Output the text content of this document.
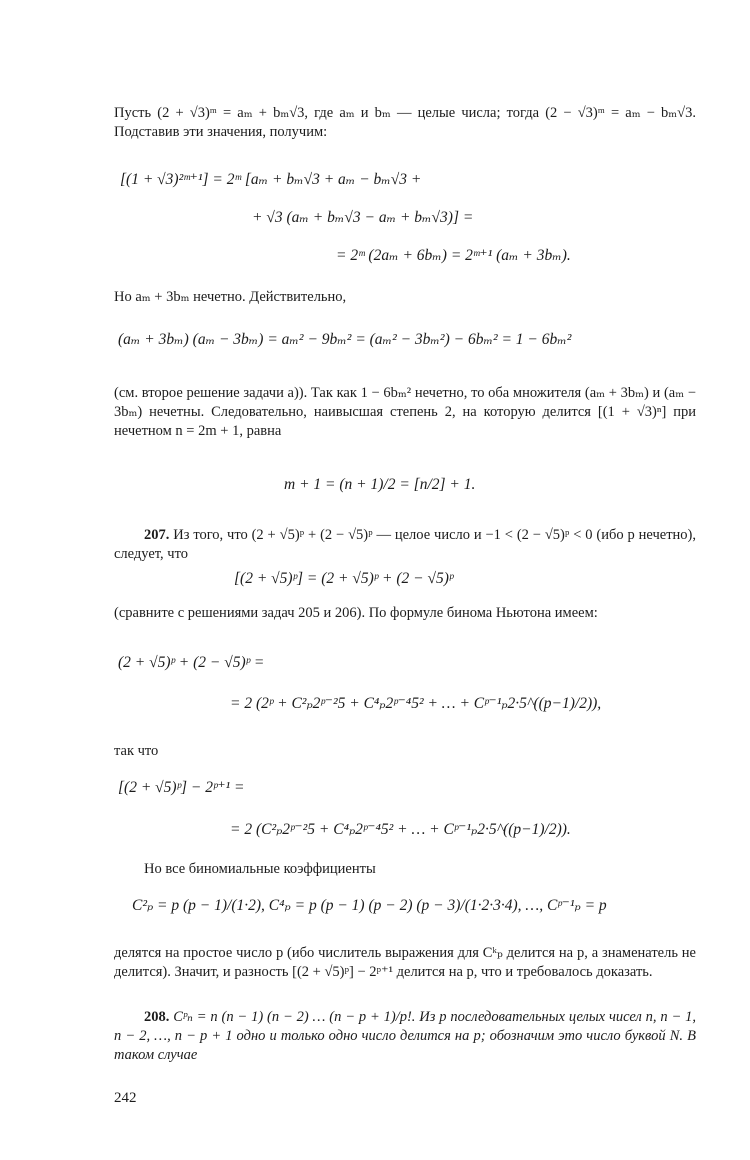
Пусть (2 + √3)ᵐ = aₘ + bₘ√3, где aₘ и bₘ — целые числа; тогда (2 − √3)ᵐ = aₘ − bₘ√3. Подставив эти значения, получим:

[(1 + √3)²ᵐ⁺¹] = 2ᵐ [aₘ + bₘ√3 + aₘ − bₘ√3 +
+ √3 (aₘ + bₘ√3 − aₘ + bₘ√3)] =
= 2ᵐ (2aₘ + 6bₘ) = 2ᵐ⁺¹ (aₘ + 3bₘ).

Но aₘ + 3bₘ нечетно. Действительно,

(aₘ + 3bₘ) (aₘ − 3bₘ) = aₘ² − 9bₘ² = (aₘ² − 3bₘ²) − 6bₘ² = 1 − 6bₘ²

(см. второе решение задачи а)). Так как 1 − 6bₘ² нечетно, то оба множителя (aₘ + 3bₘ) и (aₘ − 3bₘ) нечетны. Следовательно, наивысшая степень 2, на которую делится [(1 + √3)ⁿ] при нечетном n = 2m + 1, равна

m + 1 = (n + 1)/2 = [n/2] + 1.

207. Из того, что (2 + √5)ᵖ + (2 − √5)ᵖ — целое число и −1 < (2 − √5)ᵖ < 0 (ибо p нечетно), следует, что

[(2 + √5)ᵖ] = (2 + √5)ᵖ + (2 − √5)ᵖ

(сравните с решениями задач 205 и 206). По формуле бинома Ньютона имеем:

(2 + √5)ᵖ + (2 − √5)ᵖ =
= 2 (2ᵖ + C²ₚ2ᵖ⁻²5 + C⁴ₚ2ᵖ⁻⁴5² + … + Cᵖ⁻¹ₚ2·5^((p−1)/2)),

так что

[(2 + √5)ᵖ] − 2ᵖ⁺¹ =
= 2 (C²ₚ2ᵖ⁻²5 + C⁴ₚ2ᵖ⁻⁴5² + … + Cᵖ⁻¹ₚ2·5^((p−1)/2)).

Но все биномиальные коэффициенты

C²ₚ = p (p − 1)/(1·2), C⁴ₚ = p (p − 1) (p − 2) (p − 3)/(1·2·3·4), …, Cᵖ⁻¹ₚ = p

делятся на простое число p (ибо числитель выражения для Cᵏₚ делится на p, а знаменатель не делится). Значит, и разность [(2 + √5)ᵖ] − 2ᵖ⁺¹ делится на p, что и требовалось доказать.

208. Cᵖₙ = n (n − 1) (n − 2) … (n − p + 1)/p!. Из p последовательных целых чисел n, n − 1, n − 2, …, n − p + 1 одно и только одно число делится на p; обозначим это число буквой N. В таком случае

242
